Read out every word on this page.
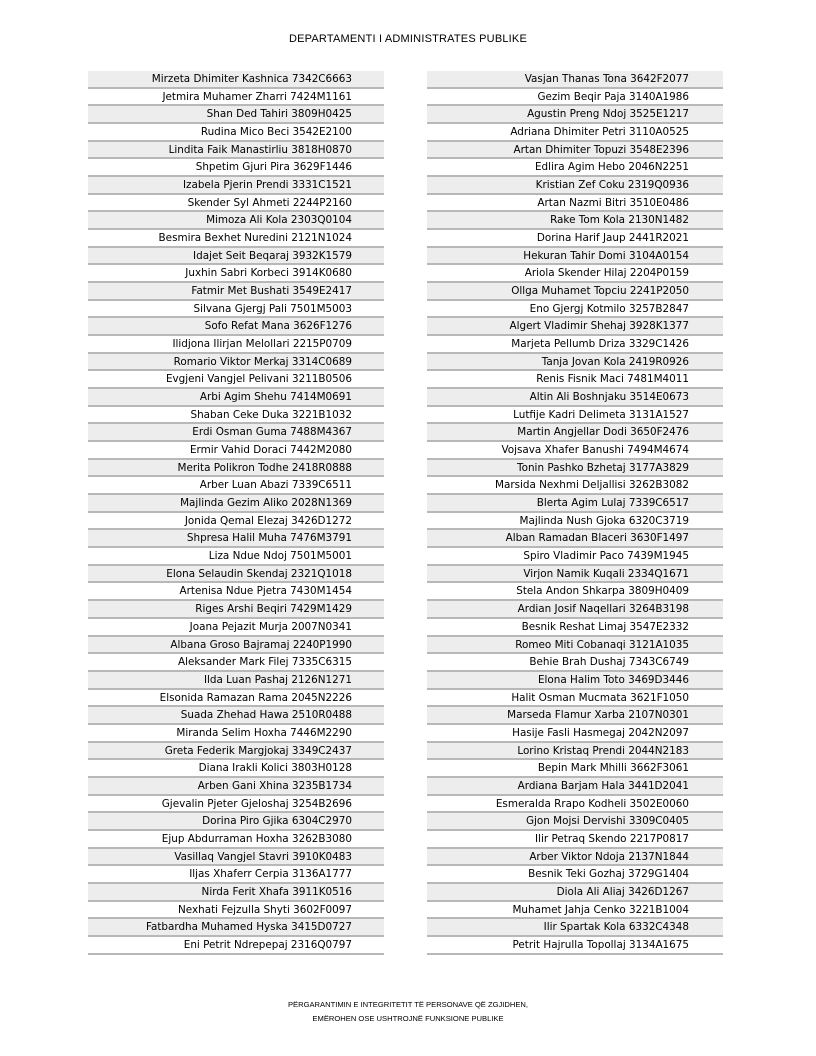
DEPARTAMENTI I ADMINISTRATES PUBLIKE
Mirzeta Dhimiter Kashnica 7342C6663
Jetmira Muhamer Zharri 7424M1161
Shan Ded Tahiri 3809H0425
Rudina Mico Beci 3542E2100
Lindita Faik Manastirliu 3818H0870
Shpetim Gjuri Pira 3629F1446
Izabela Pjerin Prendi 3331C1521
Skender Syl Ahmeti 2244P2160
Mimoza Ali Kola 2303Q0104
Besmira Bexhet Nuredini 2121N1024
Idajet Seit Beqaraj 3932K1579
Juxhin Sabri Korbeci 3914K0680
Fatmir Met Bushati 3549E2417
Silvana Gjergj Pali 7501M5003
Sofo Refat Mana 3626F1276
Ilidjona Ilirjan Melollari 2215P0709
Romario Viktor Merkaj 3314C0689
Evgjeni Vangjel Pelivani 3211B0506
Arbi Agim Shehu 7414M0691
Shaban Ceke Duka 3221B1032
Erdi Osman Guma 7488M4367
Ermir Vahid Doraci 7442M2080
Merita Polikron Todhe 2418R0888
Arber Luan Abazi 7339C6511
Majlinda Gezim Aliko 2028N1369
Jonida Qemal Elezaj 3426D1272
Shpresa Halil Muha 7476M3791
Liza Ndue Ndoj 7501M5001
Elona Selaudin Skendaj 2321Q1018
Artenisa Ndue Pjetra 7430M1454
Riges Arshi Beqiri 7429M1429
Joana Pejazit Murja 2007N0341
Albana Groso Bajramaj 2240P1990
Aleksander Mark Filej 7335C6315
Ilda Luan Pashaj 2126N1271
Elsonida Ramazan Rama 2045N2226
Suada Zhehad Hawa 2510R0488
Miranda Selim Hoxha 7446M2290
Greta Federik Margjokaj 3349C2437
Diana Irakli Kolici 3803H0128
Arben Gani Xhina 3235B1734
Gjevalin Pjeter Gjeloshaj 3254B2696
Dorina Piro Gjika 6304C2970
Ejup Abdurraman Hoxha 3262B3080
Vasillaq Vangjel Stavri 3910K0483
Iljas Xhaferr Cerpia 3136A1777
Nirda Ferit Xhafa 3911K0516
Nexhati Fejzulla Shyti 3602F0097
Fatbardha Muhamed Hyska 3415D0727
Eni Petrit Ndrepepaj 2316Q0797
Vasjan Thanas Tona 3642F2077
Gezim Beqir Paja 3140A1986
Agustin Preng Ndoj 3525E1217
Adriana Dhimiter Petri 3110A0525
Artan Dhimiter Topuzi 3548E2396
Edlira Agim Hebo 2046N2251
Kristian Zef Coku 2319Q0936
Artan Nazmi Bitri 3510E0486
Rake Tom Kola 2130N1482
Dorina Harif Jaup 2441R2021
Hekuran Tahir Domi 3104A0154
Ariola Skender Hilaj 2204P0159
Ollga Muhamet Topciu 2241P2050
Eno Gjergj Kotmilo 3257B2847
Algert Vladimir Shehaj 3928K1377
Marjeta Pellumb Driza 3329C1426
Tanja Jovan Kola 2419R0926
Renis Fisnik Maci 7481M4011
Altin Ali Boshnjaku 3514E0673
Lutfije Kadri Delimeta 3131A1527
Martin Angjellar Dodi 3650F2476
Vojsava Xhafer Banushi 7494M4674
Tonin Pashko Bzhetaj 3177A3829
Marsida Nexhmi Deljallisi 3262B3082
Blerta Agim Lulaj 7339C6517
Majlinda Nush Gjoka 6320C3719
Alban Ramadan Blaceri 3630F1497
Spiro Vladimir Paco 7439M1945
Virjon Namik Kuqali 2334Q1671
Stela Andon Shkarpa 3809H0409
Ardian Josif Naqellari 3264B3198
Besnik Reshat Limaj 3547E2332
Romeo Miti Cobanaqi 3121A1035
Behie Brah Dushaj 7343C6749
Elona Halim Toto 3469D3446
Halit Osman Mucmata 3621F1050
Marseda Flamur Xarba 2107N0301
Hasije Fasli Hasmegaj 2042N2097
Lorino Kristaq Prendi 2044N2183
Bepin Mark Mhilli 3662F3061
Ardiana Barjam Hala 3441D2041
Esmeralda Rrapo Kodheli 3502E0060
Gjon Mojsi Dervishi 3309C0405
Ilir Petraq Skendo 2217P0817
Arber Viktor Ndoja 2137N1844
Besnik Teki Gozhaj 3729G1404
Diola Ali Aliaj 3426D1267
Muhamet Jahja Cenko 3221B1004
Ilir Spartak Kola 6332C4348
Petrit Hajrulla Topollaj 3134A1675
PËRGARANTIMIN E INTEGRITETIT TË PERSONAVE QË ZGJIDHEN,
EMËROHEN OSE USHTROJNË FUNKSIONE PUBLIKE
